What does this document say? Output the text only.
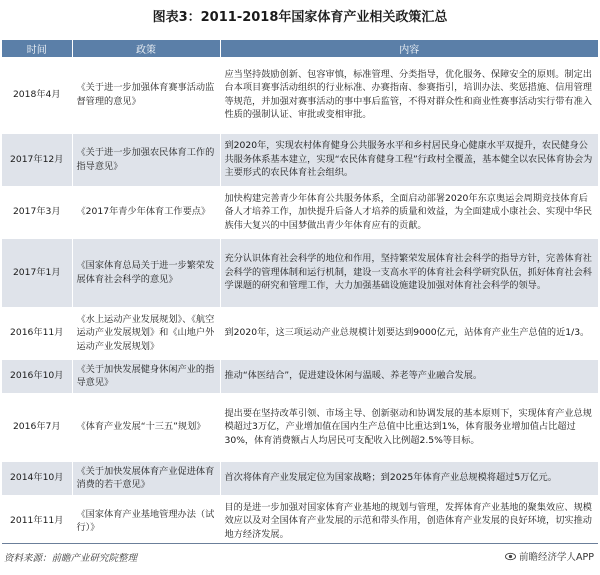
图表3：2011-2018年国家体育产业相关政策汇总
时间	政策	内容
2018年4月	《关于进一步加强体育赛事活动监督管理的意见》	应当坚持鼓励创新、包容审慎，标准管理、分类指导，优化服务、保障安全的原则。制定出台本项目赛事活动组织的行业标准、办赛指南、参赛指引，培训办法、奖惩措施、信用管理等规范，并加强对赛事活动的事中事后监管，不得对群众性和商业性赛事活动实行带有准入性质的强制认证、审批或变相审批。
2017年12月	《关于进一步加强农民体育工作的指导意见》	到2020年，实现农村体育健身公共服务水平和乡村居民身心健康水平双提升，农民健身公共服务体系基本建立，实现“农民体育健身工程”行政村全覆盖，基本健全以农民体育协会为主要形式的农民体育社会组织。
2017年3月	《2017年青少年体育工作要点》	加快构建完善青少年体育公共服务体系，全面启动部署2020年东京奥运会周期竞技体育后备人才培养工作，加快提升后备人才培养的质量和效益，为全面建成小康社会、实现中华民族伟大复兴的中国梦做出青少年体育应有的贡献。
2017年1月	《国家体育总局关于进一步繁荣发展体育社会科学的意见》	充分认识体育社会科学的地位和作用，坚持繁荣发展体育社会科学的指导方针，完善体育社会科学的管理体制和运行机制，建设一支高水平的体育社会科学研究队伍，抓好体育社会科学课题的研究和管理工作，大力加强基础设施建设加强对体育社会科学的领导。
2016年11月	《水上运动产业发展规划》、《航空运动产业发展规划》和《山地户外运动产业发展规划》	到2020年，这三项运动产业总规模计划要达到9000亿元，站体育产业生产总值的近1/3。
2016年10月	《关于加快发展健身休闲产业的指导意见》	推动“体医结合”，促进建设休闲与温暖、养老等产业融合发展。
2016年7月	《体育产业发展“十三五”规划》	提出要在坚持改革引领、市场主导、创新驱动和协调发展的基本原则下，实现体育产业总规模超过3万亿，产业增加值在国内生产总值中比重达到1%，体育服务业增加值占比超过30%，体育消费额占人均居民可支配收入比例超2.5%等目标。
2014年10月	《关于加快发展体育产业促进体育消费的若干意见》	首次将体育产业发展定位为国家战略；到2025年体育产业总规模将超过5万亿元。
2011年11月	《国家体育产业基地管理办法（试行）》	目的是进一步加强对国家体育产业基地的规划与管理，发挥体育产业基地的聚集效应、规模效应以及对全国体育产业发展的示范和带头作用，创造体育产业发展的良好环境，切实推动地方经济发展。
资料来源：前瞻产业研究院整理	前瞻经济学人APP
